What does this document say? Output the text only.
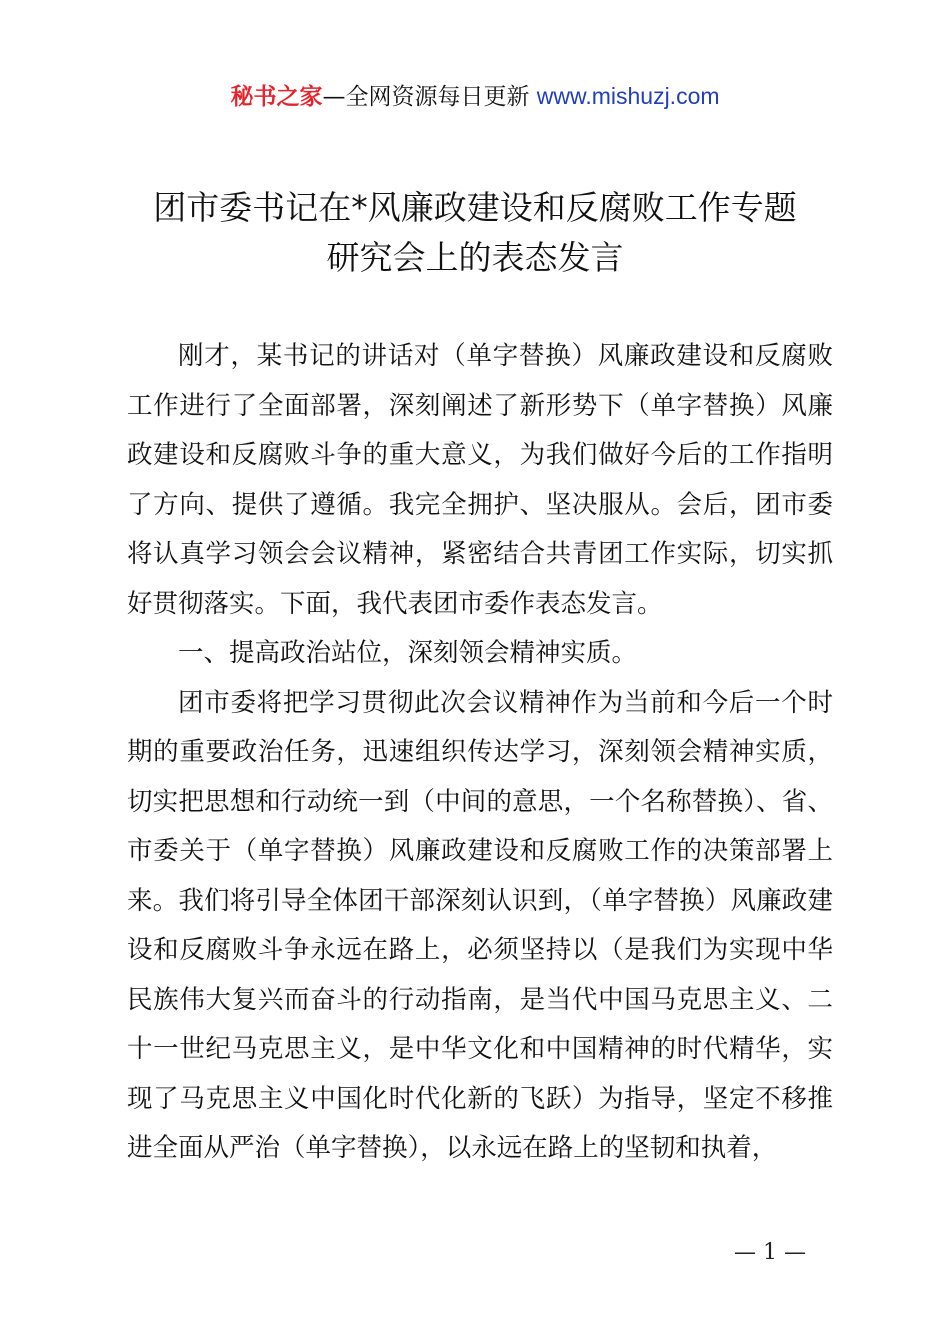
秘书之家—全网资源每日更新 www.mishuzj.com
团市委书记在*风廉政建设和反腐败工作专题
研究会上的表态发言

刚才，某书记的讲话对（单字替换）风廉政建设和反腐败工作进行了全面部署，深刻阐述了新形势下（单字替换）风廉政建设和反腐败斗争的重大意义，为我们做好今后的工作指明了方向、提供了遵循。我完全拥护、坚决服从。会后，团市委将认真学习领会会议精神，紧密结合共青团工作实际，切实抓好贯彻落实。下面，我代表团市委作表态发言。

一、提高政治站位，深刻领会精神实质。

团市委将把学习贯彻此次会议精神作为当前和今后一个时期的重要政治任务，迅速组织传达学习，深刻领会精神实质，切实把思想和行动统一到（中间的意思，一个名称替换）、省、市委关于（单字替换）风廉政建设和反腐败工作的决策部署上来。我们将引导全体团干部深刻认识到，（单字替换）风廉政建设和反腐败斗争永远在路上，必须坚持以（是我们为实现中华民族伟大复兴而奋斗的行动指南，是当代中国马克思主义、二十一世纪马克思主义，是中华文化和中国精神的时代精华，实现了马克思主义中国化时代化新的飞跃）为指导，坚定不移推进全面从严治（单字替换），以永远在路上的坚韧和执着，

— 1 —
